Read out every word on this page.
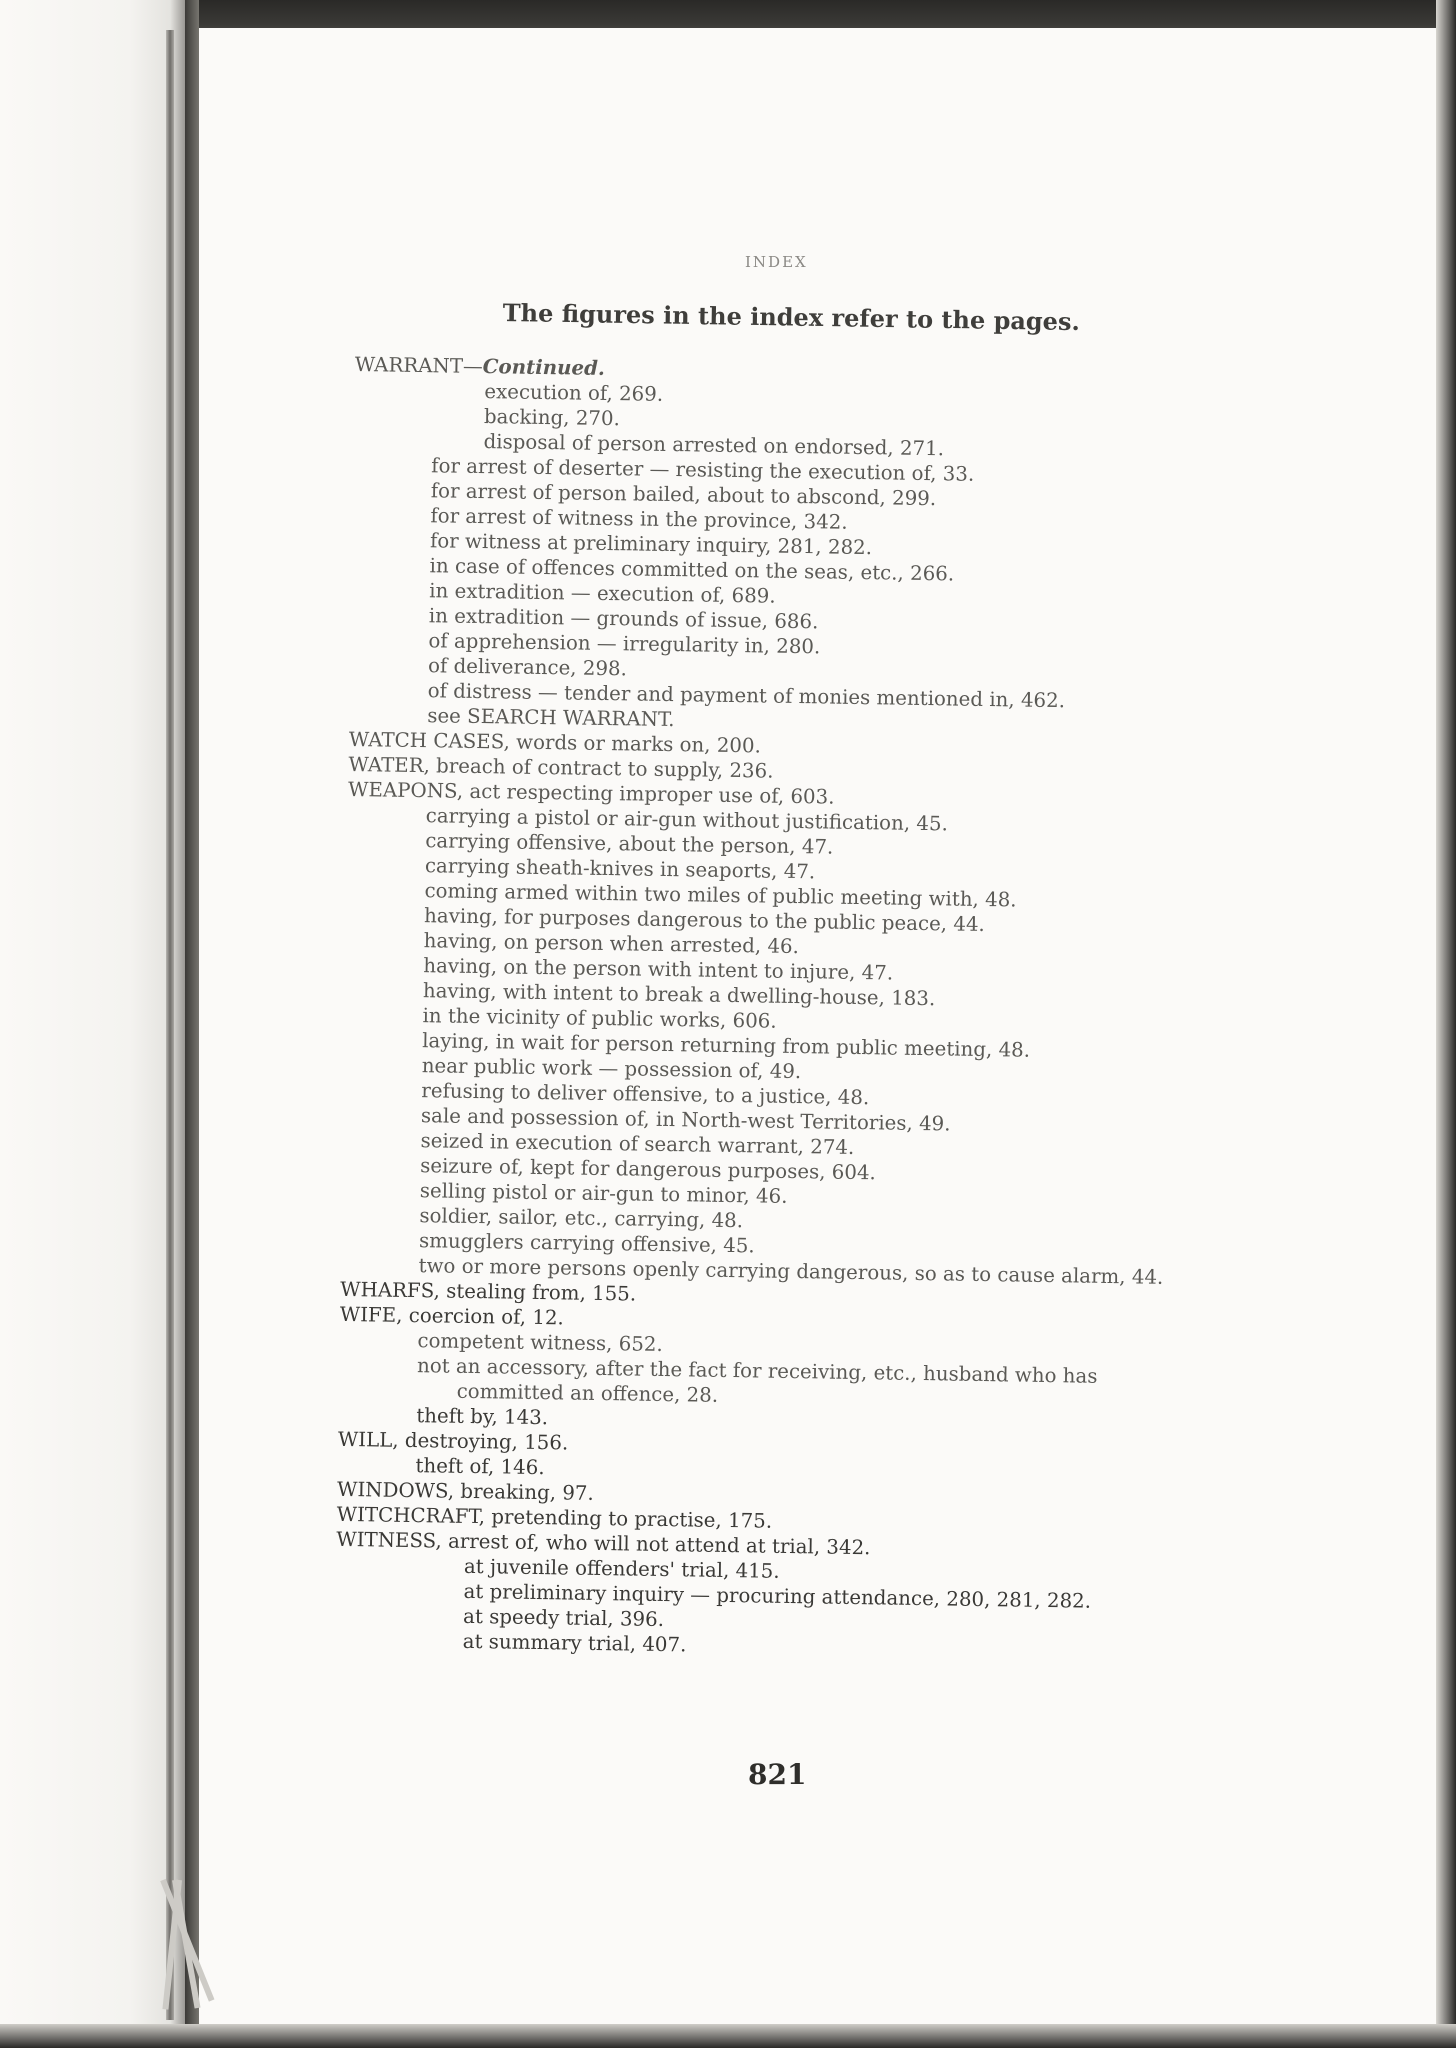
INDEX
The figures in the index refer to the pages.
WARRANT—Continued.
execution of, 269.
backing, 270.
disposal of person arrested on endorsed, 271.
for arrest of deserter — resisting the execution of, 33.
for arrest of person bailed, about to abscond, 299.
for arrest of witness in the province, 342.
for witness at preliminary inquiry, 281, 282.
in case of offences committed on the seas, etc., 266.
in extradition — execution of, 689.
in extradition — grounds of issue, 686.
of apprehension — irregularity in, 280.
of deliverance, 298.
of distress — tender and payment of monies mentioned in, 462.
see SEARCH WARRANT.
WATCH CASES, words or marks on, 200.
WATER, breach of contract to supply, 236.
WEAPONS, act respecting improper use of, 603.
carrying a pistol or air-gun without justification, 45.
carrying offensive, about the person, 47.
carrying sheath-knives in seaports, 47.
coming armed within two miles of public meeting with, 48.
having, for purposes dangerous to the public peace, 44.
having, on person when arrested, 46.
having, on the person with intent to injure, 47.
having, with intent to break a dwelling-house, 183.
in the vicinity of public works, 606.
laying, in wait for person returning from public meeting, 48.
near public work — possession of, 49.
refusing to deliver offensive, to a justice, 48.
sale and possession of, in North-west Territories, 49.
seized in execution of search warrant, 274.
seizure of, kept for dangerous purposes, 604.
selling pistol or air-gun to minor, 46.
soldier, sailor, etc., carrying, 48.
smugglers carrying offensive, 45.
two or more persons openly carrying dangerous, so as to cause alarm, 44.
WHARFS, stealing from, 155.
WIFE, coercion of, 12.
competent witness, 652.
not an accessory, after the fact for receiving, etc., husband who has committed an offence, 28.
theft by, 143.
WILL, destroying, 156.
theft of, 146.
WINDOWS, breaking, 97.
WITCHCRAFT, pretending to practise, 175.
WITNESS, arrest of, who will not attend at trial, 342.
at juvenile offenders' trial, 415.
at preliminary inquiry — procuring attendance, 280, 281, 282.
at speedy trial, 396.
at summary trial, 407.
821
